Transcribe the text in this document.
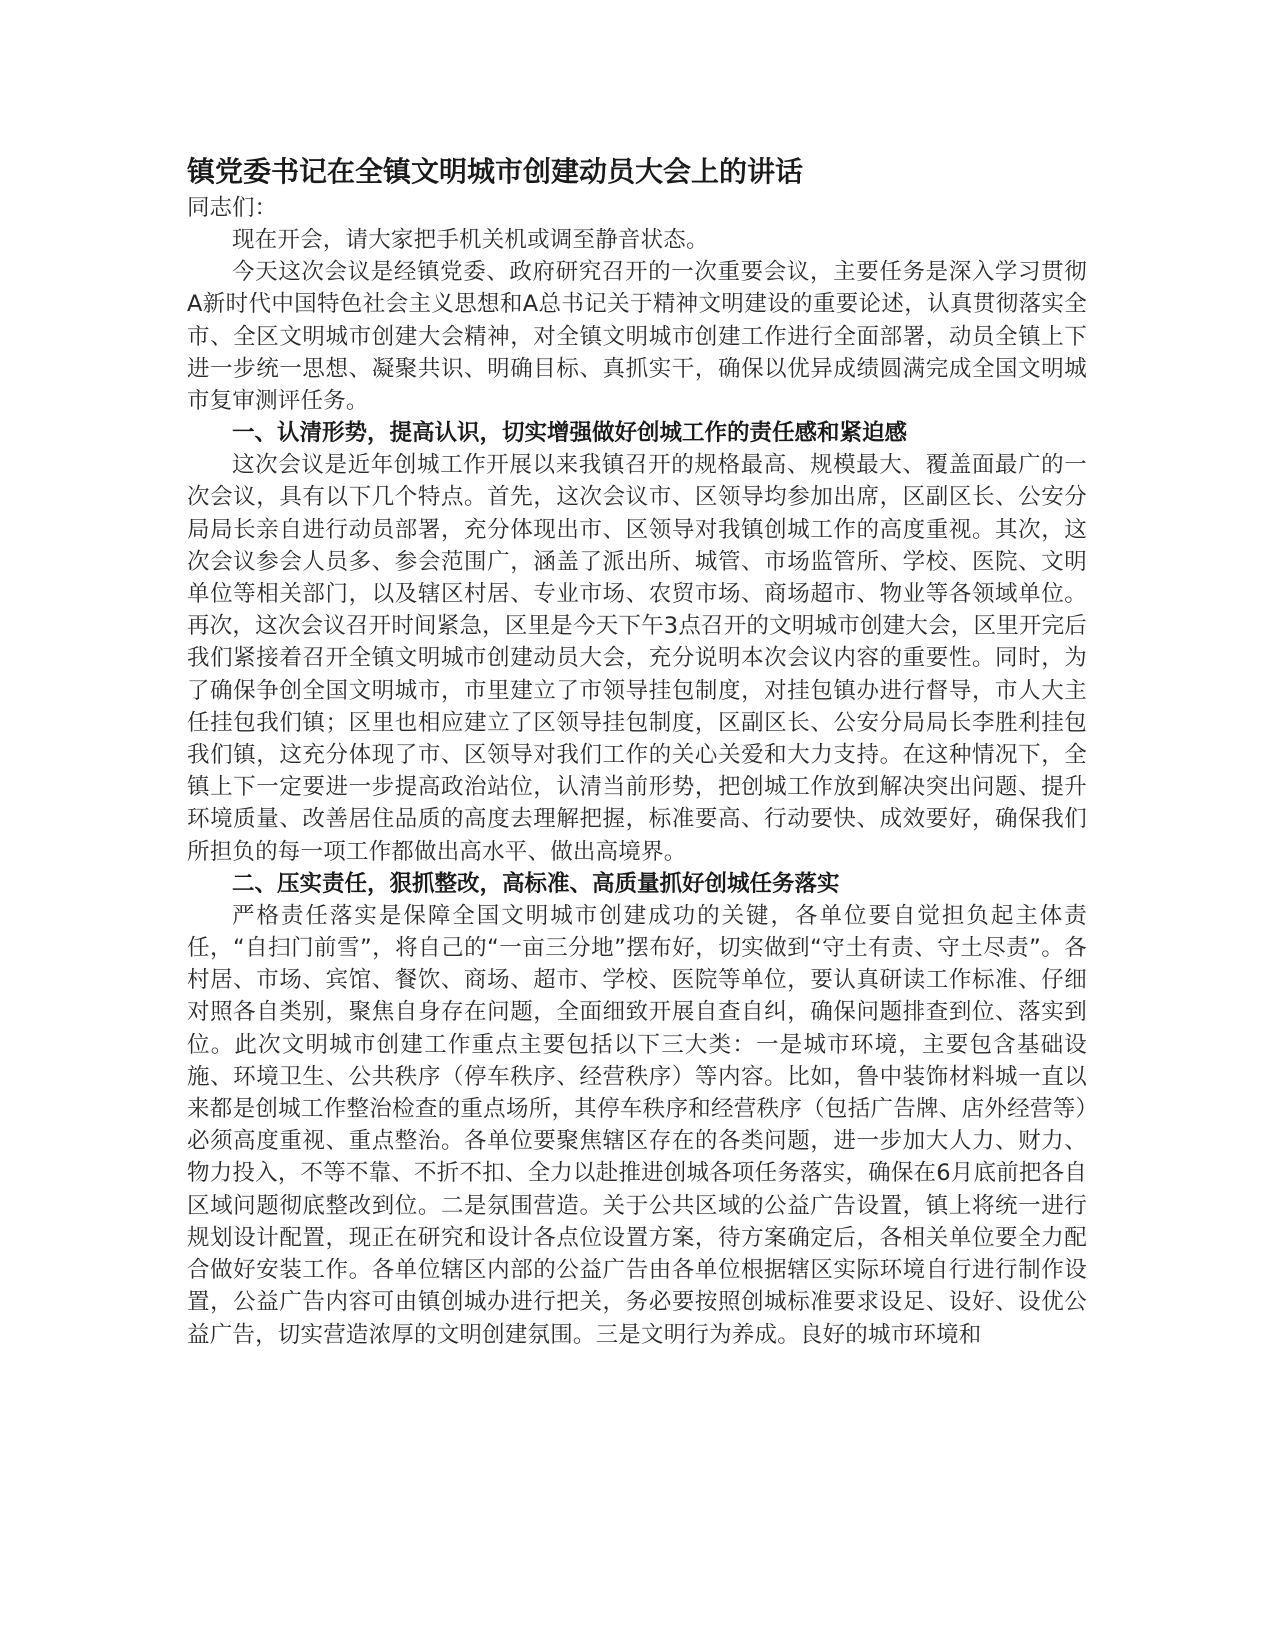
镇党委书记在全镇文明城市创建动员大会上的讲话

同志们：

现在开会，请大家把手机关机或调至静音状态。

今天这次会议是经镇党委、政府研究召开的一次重要会议，主要任务是深入学习贯彻A新时代中国特色社会主义思想和A总书记关于精神文明建设的重要论述，认真贯彻落实全市、全区文明城市创建大会精神，对全镇文明城市创建工作进行全面部署，动员全镇上下进一步统一思想、凝聚共识、明确目标、真抓实干，确保以优异成绩圆满完成全国文明城市复审测评任务。

一、认清形势，提高认识，切实增强做好创城工作的责任感和紧迫感

这次会议是近年创城工作开展以来我镇召开的规格最高、规模最大、覆盖面最广的一次会议，具有以下几个特点。首先，这次会议市、区领导均参加出席，区副区长、公安分局局长亲自进行动员部署，充分体现出市、区领导对我镇创城工作的高度重视。其次，这次会议参会人员多、参会范围广，涵盖了派出所、城管、市场监管所、学校、医院、文明单位等相关部门，以及辖区村居、专业市场、农贸市场、商场超市、物业等各领域单位。再次，这次会议召开时间紧急，区里是今天下午3点召开的文明城市创建大会，区里开完后我们紧接着召开全镇文明城市创建动员大会，充分说明本次会议内容的重要性。同时，为了确保争创全国文明城市，市里建立了市领导挂包制度，对挂包镇办进行督导，市人大主任挂包我们镇；区里也相应建立了区领导挂包制度，区副区长、公安分局局长李胜利挂包我们镇，这充分体现了市、区领导对我们工作的关心关爱和大力支持。在这种情况下，全镇上下一定要进一步提高政治站位，认清当前形势，把创城工作放到解决突出问题、提升环境质量、改善居住品质的高度去理解把握，标准要高、行动要快、成效要好，确保我们所担负的每一项工作都做出高水平、做出高境界。

二、压实责任，狠抓整改，高标准、高质量抓好创城任务落实

严格责任落实是保障全国文明城市创建成功的关键，各单位要自觉担负起主体责任，“自扫门前雪”，将自己的“一亩三分地”摆布好，切实做到“守土有责、守土尽责”。各村居、市场、宾馆、餐饮、商场、超市、学校、医院等单位，要认真研读工作标准、仔细对照各自类别，聚焦自身存在问题，全面细致开展自查自纠，确保问题排查到位、落实到位。此次文明城市创建工作重点主要包括以下三大类：一是城市环境，主要包含基础设施、环境卫生、公共秩序（停车秩序、经营秩序）等内容。比如，鲁中装饰材料城一直以来都是创城工作整治检查的重点场所，其停车秩序和经营秩序（包括广告牌、店外经营等）必须高度重视、重点整治。各单位要聚焦辖区存在的各类问题，进一步加大人力、财力、物力投入，不等不靠、不折不扣、全力以赴推进创城各项任务落实，确保在6月底前把各自区域问题彻底整改到位。二是氛围营造。关于公共区域的公益广告设置，镇上将统一进行规划设计配置，现正在研究和设计各点位设置方案，待方案确定后，各相关单位要全力配合做好安装工作。各单位辖区内部的公益广告由各单位根据辖区实际环境自行进行制作设置，公益广告内容可由镇创城办进行把关，务必要按照创城标准要求设足、设好、设优公益广告，切实营造浓厚的文明创建氛围。三是文明行为养成。良好的城市环境和
